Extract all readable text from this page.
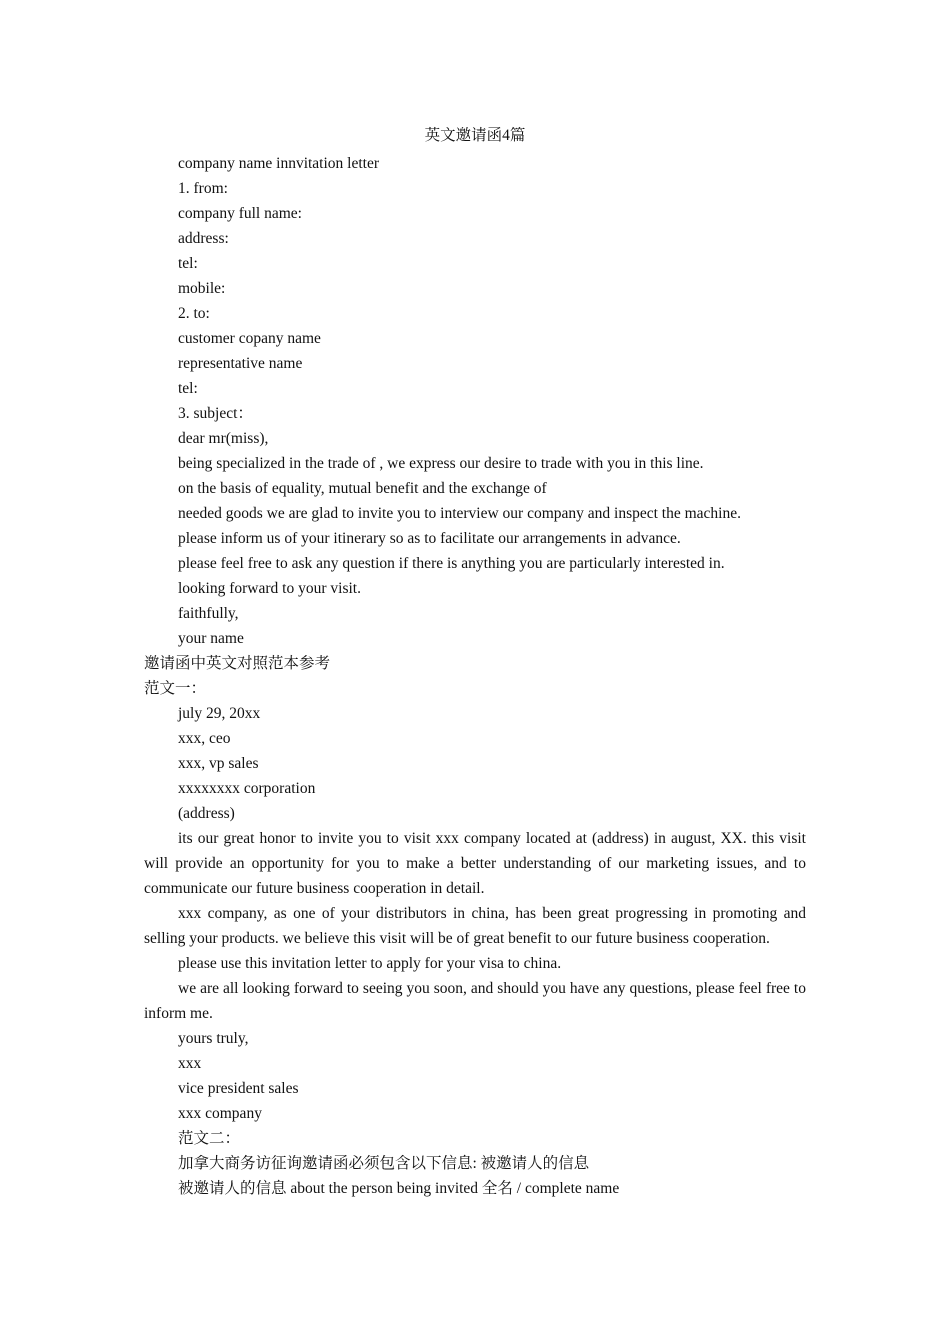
英文邀请函4篇

company name innvitation letter

1. from:

company full name:

address:

tel:

mobile:

2. to:

customer copany name

representative name

tel:

3. subject：

dear mr(miss),

being specialized in the trade of , we express our desire to trade with you in this line.

on the basis of equality, mutual benefit and the exchange of

needed goods we are glad to invite you to interview our company and inspect the machine.

please inform us of your itinerary so as to facilitate our arrangements in advance.

please feel free to ask any question if there is anything you are particularly interested in.

looking forward to your visit.

faithfully,

your name

邀请函中英文对照范本参考

范文一：

july 29, 20xx

xxx, ceo

xxx, vp sales

xxxxxxxx corporation

(address)

its our great honor to invite you to visit xxx company located at (address) in august, XX. this visit will provide an opportunity for you to make a better understanding of our marketing issues, and to communicate our future business cooperation in detail.

xxx company, as one of your distributors in china, has been great progressing in promoting and selling your products. we believe this visit will be of great benefit to our future business cooperation.

please use this invitation letter to apply for your visa to china.

we are all looking forward to seeing you soon, and should you have any questions, please feel free to inform me.

yours truly,

xxx

vice president sales

xxx company

范文二：

加拿大商务访征询邀请函必须包含以下信息: 被邀请人的信息

被邀请人的信息 about the person being invited 全名 / complete name
